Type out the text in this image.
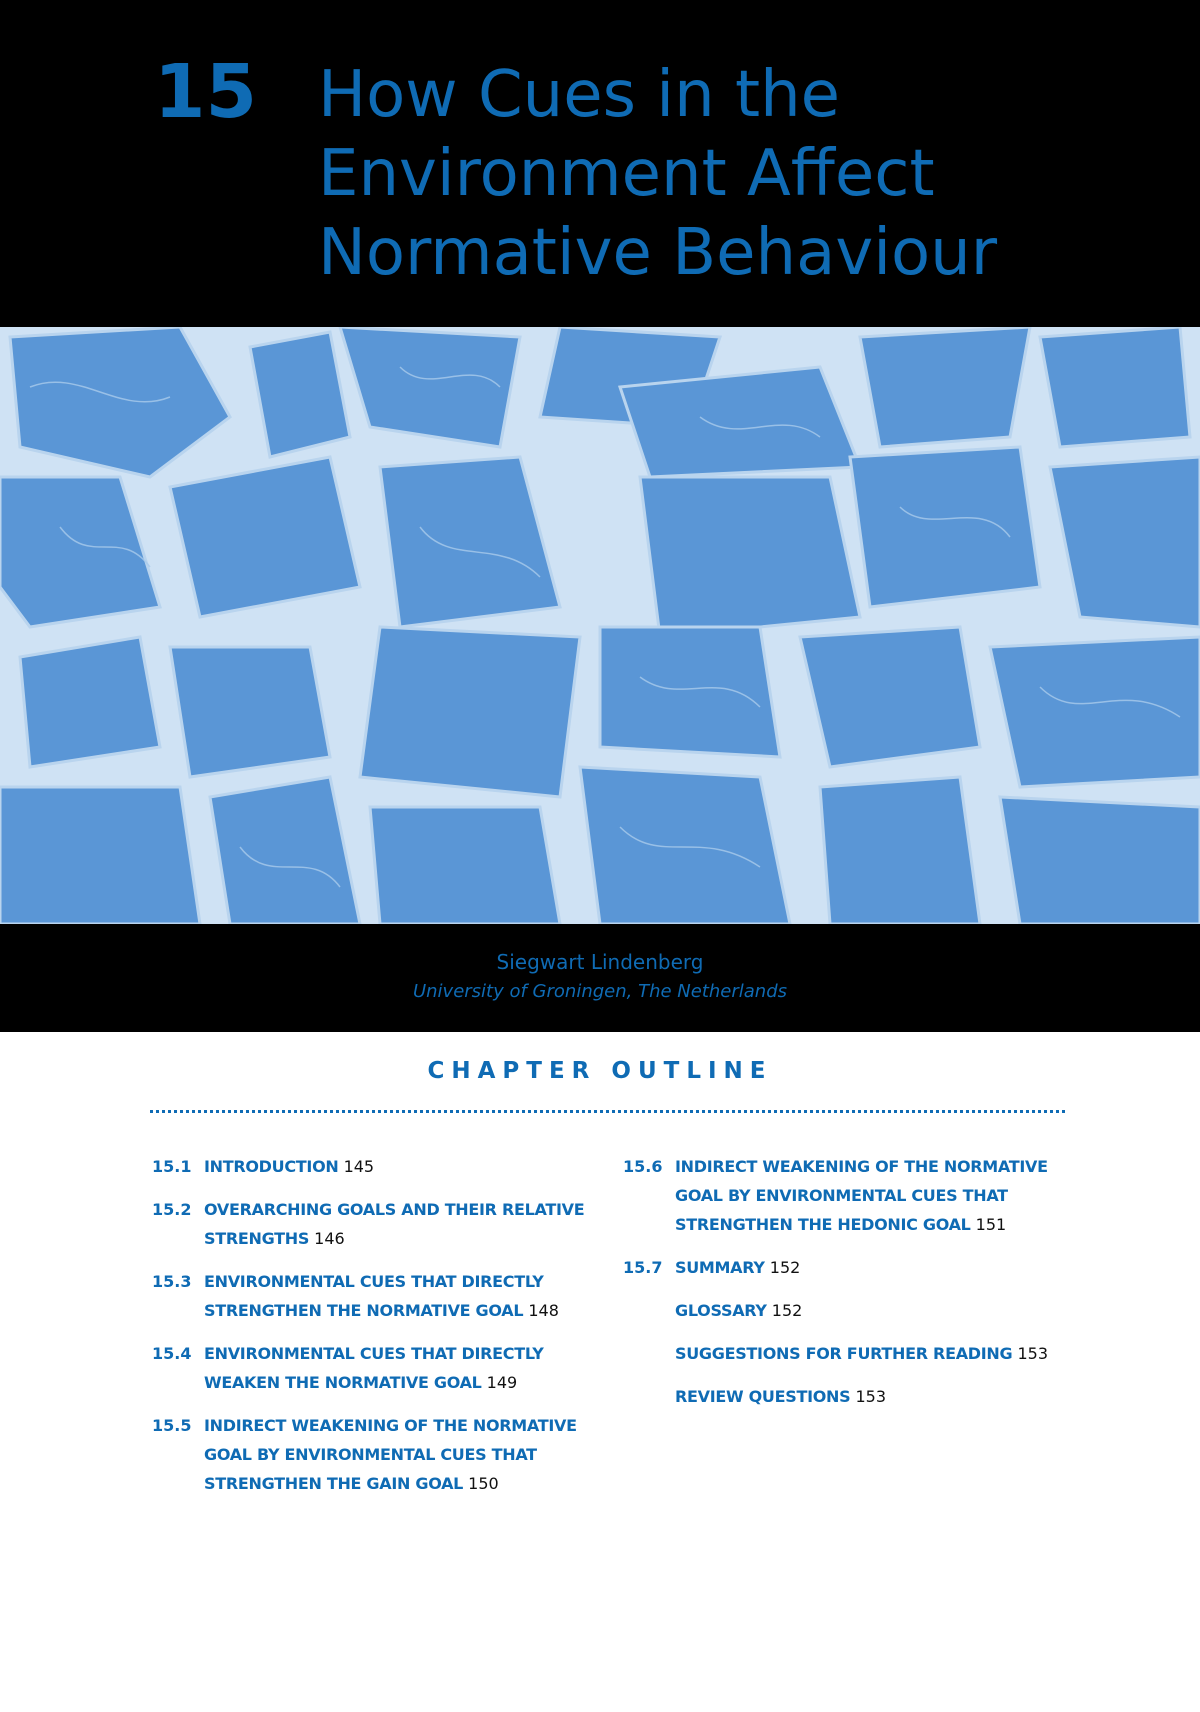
15 How Cues in the
Environment Affect
Normative Behaviour
Siegwart Lindenberg
University of Groningen, The Netherlands
CHAPTER OUTLINE
15.1 INTRODUCTION 145
15.2 OVERARCHING GOALS AND THEIR RELATIVE STRENGTHS 146
15.3 ENVIRONMENTAL CUES THAT DIRECTLY STRENGTHEN THE NORMATIVE GOAL 148
15.4 ENVIRONMENTAL CUES THAT DIRECTLY WEAKEN THE NORMATIVE GOAL 149
15.5 INDIRECT WEAKENING OF THE NORMATIVE GOAL BY ENVIRONMENTAL CUES THAT STRENGTHEN THE GAIN GOAL 150
15.6 INDIRECT WEAKENING OF THE NORMATIVE GOAL BY ENVIRONMENTAL CUES THAT STRENGTHEN THE HEDONIC GOAL 151
15.7 SUMMARY 152
GLOSSARY 152
SUGGESTIONS FOR FURTHER READING 153
REVIEW QUESTIONS 153
